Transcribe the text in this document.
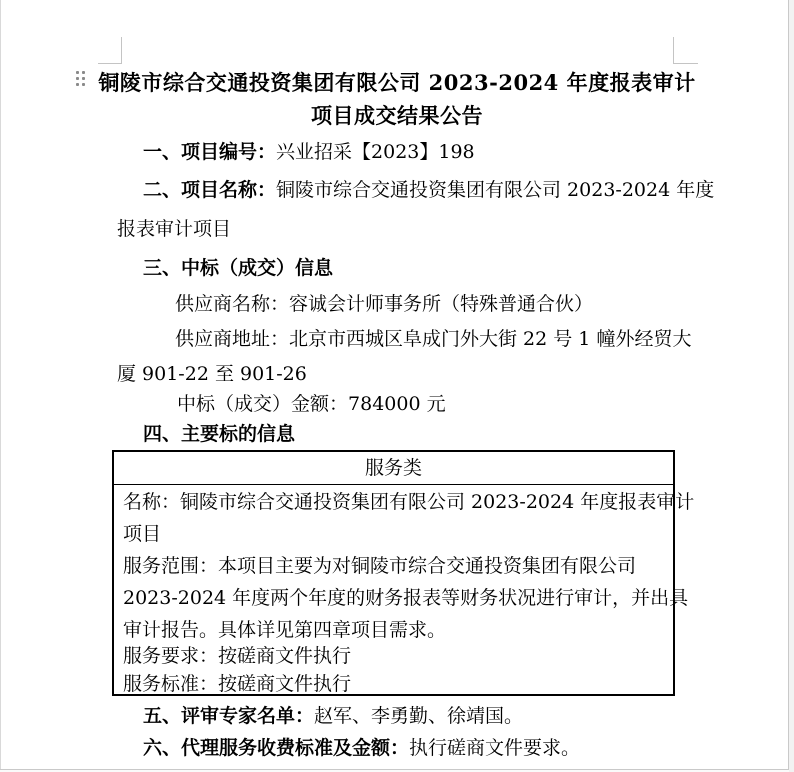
铜陵市综合交通投资集团有限公司 2023-2024 年度报表审计
项目成交结果公告
一、项目编号：兴业招采【2023】198
二、项目名称：铜陵市综合交通投资集团有限公司 2023-2024 年度
报表审计项目
三、中标（成交）信息
供应商名称：容诚会计师事务所（特殊普通合伙）
供应商地址：北京市西城区阜成门外大街 22 号 1 幢外经贸大
厦 901-22 至 901-26
中标（成交）金额：784000 元
四、主要标的信息
服务类
名称：铜陵市综合交通投资集团有限公司 2023-2024 年度报表审计
项目
服务范围：本项目主要为对铜陵市综合交通投资集团有限公司
2023-2024 年度两个年度的财务报表等财务状况进行审计，并出具
审计报告。具体详见第四章项目需求。
服务要求：按磋商文件执行
服务标准：按磋商文件执行
五、评审专家名单：赵军、李勇勤、徐靖国。
六、代理服务收费标准及金额：执行磋商文件要求。
